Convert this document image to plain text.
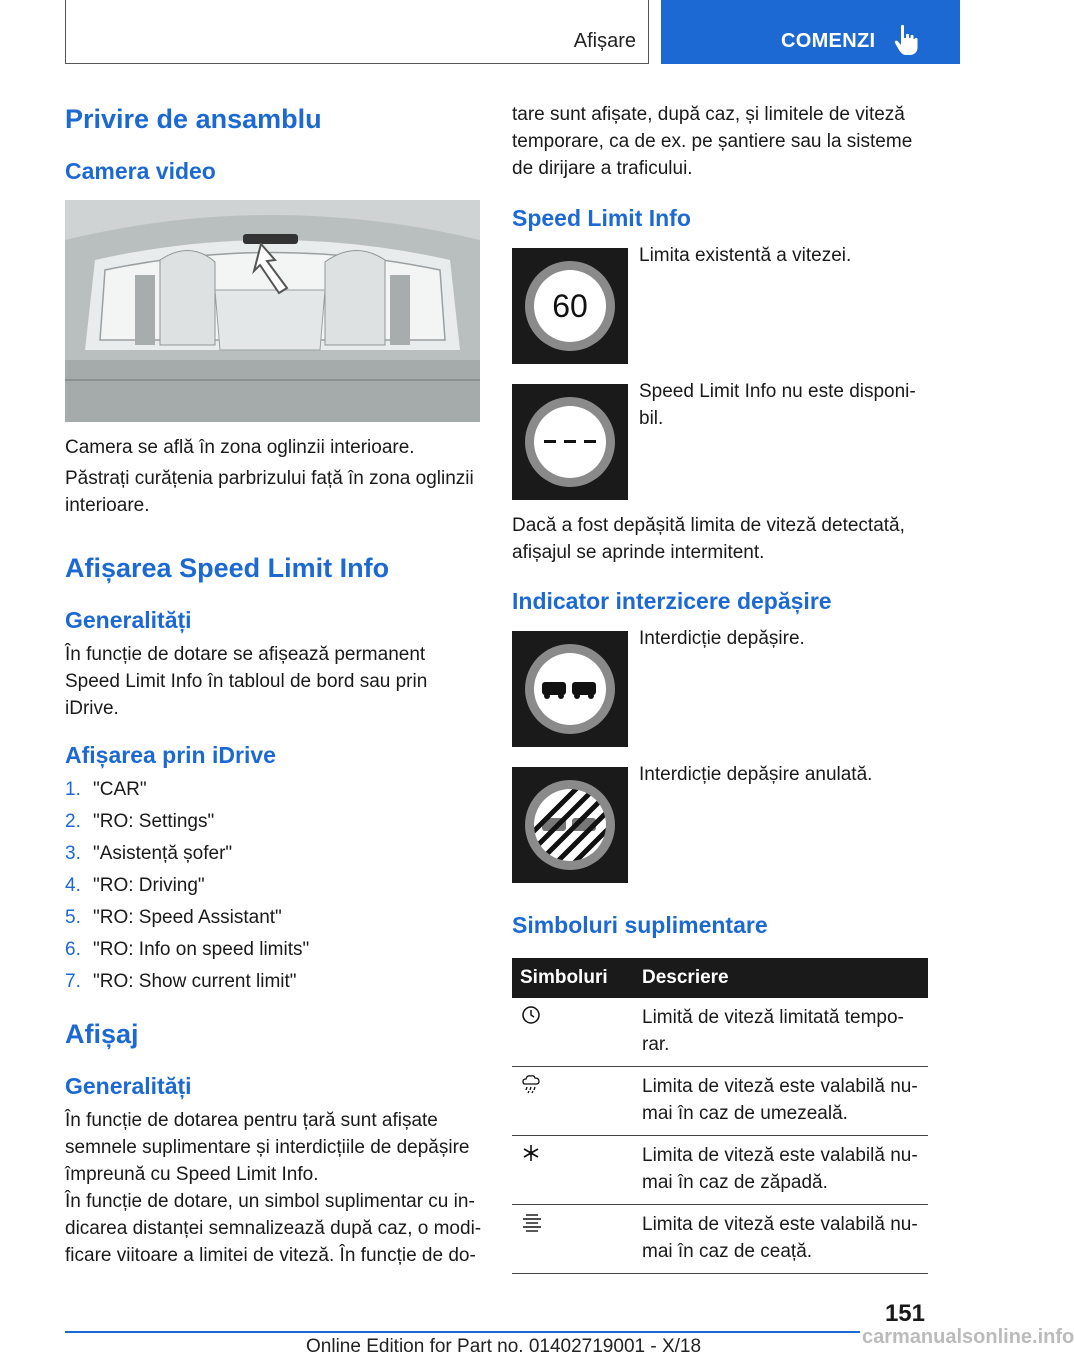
Afișare	COMENZI
Privire de ansamblu
Camera video

Camera se află în zona oglinzii interioare.

Păstrați curățenia parbrizului față în zona oglinzii interioare.

Afișarea Speed Limit Info
Generalități

În funcție de dotare se afișează permanent Speed Limit Info în tabloul de bord sau prin iDrive.

Afișarea prin iDrive
1. "CAR"
2. "RO: Settings"
3. "Asistență șofer"
4. "RO: Driving"
5. "RO: Speed Assistant"
6. "RO: Info on speed limits"
7. "RO: Show current limit"
Afișaj
Generalități

În funcție de dotarea pentru țară sunt afișate semnele suplimentare și interdicțiile de depășire împreună cu Speed Limit Info.

În funcție de dotare, un simbol suplimentar cu in-dicarea distanței semnalizează după caz, o modi-ficare viitoare a limitei de viteză. În funcție de do-

tare sunt afișate, după caz, și limitele de viteză temporare, ca de ex. pe șantiere sau la sisteme de dirijare a traficului.

Speed Limit Info
60

Limita existentă a vitezei.

Speed Limit Info nu este disponi-bil.

Dacă a fost depășită limita de viteză detectată, afișajul se aprinde intermitent.

Indicator interzicere depășire

Interdicție depășire.

Interdicție depășire anulată.

Simboluri suplimentare
Simboluri	Descriere
	Limită de viteză limitată tempo-rar.
	Limita de viteză este valabilă nu-mai în caz de umezeală.
	Limita de viteză este valabilă nu-mai în caz de zăpadă.
	Limita de viteză este valabilă nu-mai în caz de ceață.
151
Online Edition for Part no. 01402719001 - X/18	carmanualsonline.info
